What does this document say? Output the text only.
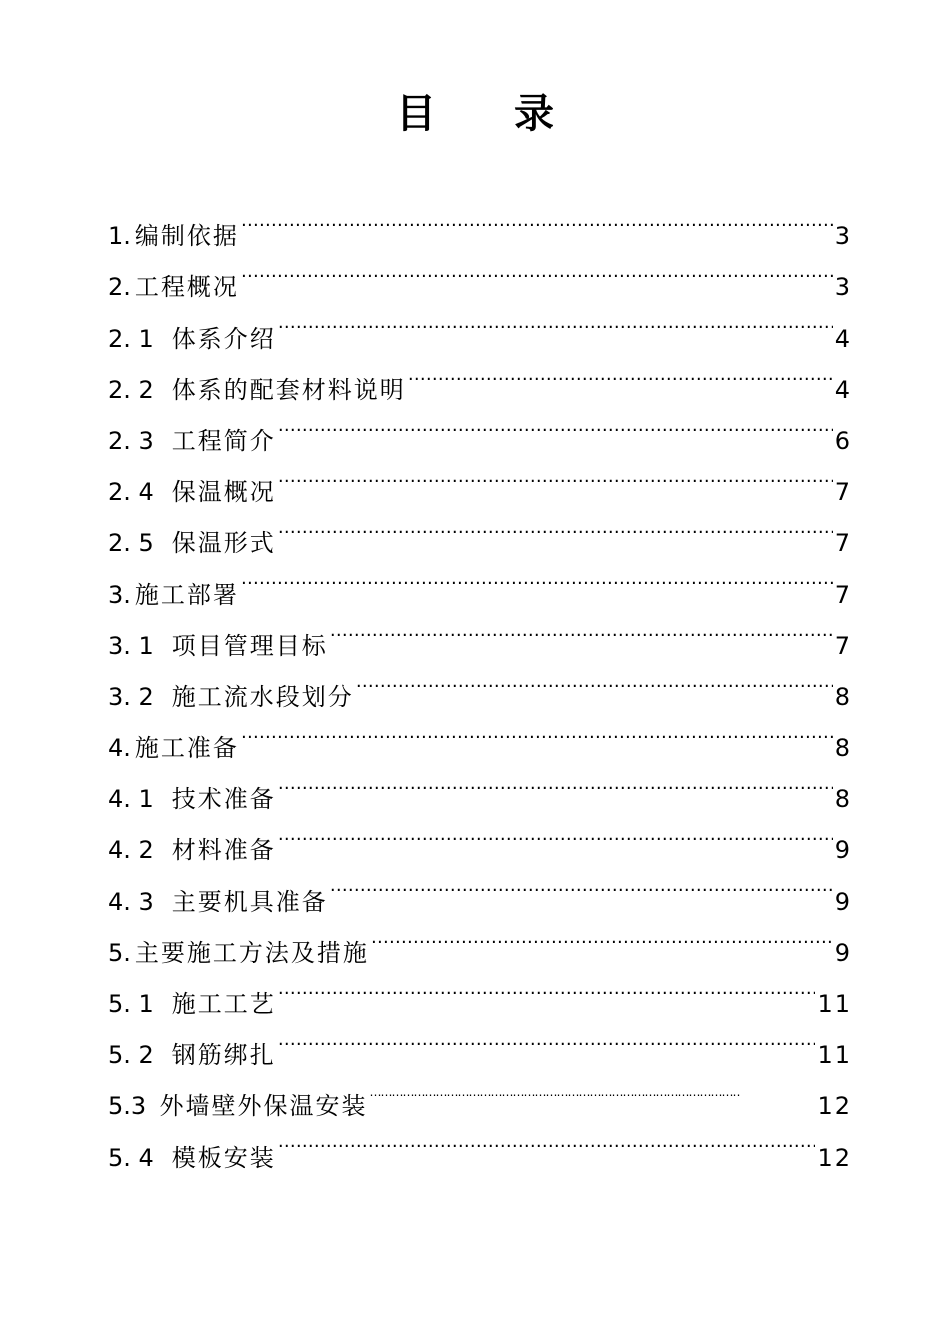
目 录
1. 编制依据 ……………………………………………………………………………………………………………………………………………	3
2. 工程概况 ……………………………………………………………………………………………………………………………………………	3
2. 1 体系介绍 ……………………………………………………………………………………………………………………………………………	4
2. 2 体系的配套材料说明 ……………………………………………………………………………………………………………………………………………	4
2. 3 工程简介 ……………………………………………………………………………………………………………………………………………	6
2. 4 保温概况 ……………………………………………………………………………………………………………………………………………	7
2. 5 保温形式 ……………………………………………………………………………………………………………………………………………	7
3. 施工部署 ……………………………………………………………………………………………………………………………………………	7
3. 1 项目管理目标 ……………………………………………………………………………………………………………………………………………	7
3. 2 施工流水段划分 ……………………………………………………………………………………………………………………………………………	8
4. 施工准备 ……………………………………………………………………………………………………………………………………………	8
4. 1 技术准备 ……………………………………………………………………………………………………………………………………………	8
4. 2 材料准备 ……………………………………………………………………………………………………………………………………………	9
4. 3 主要机具准备 ……………………………………………………………………………………………………………………………………………	9
5. 主要施工方法及措施 ……………………………………………………………………………………………………………………………………………	9
5. 1 施工工艺 ……………………………………………………………………………………………………………………………………………	11
5. 2 钢筋绑扎 ……………………………………………………………………………………………………………………………………………	11
5.3 外墙壁外保温安装 ……………………………………………………………………………………………………………	12
5. 4 模板安装 ……………………………………………………………………………………………………………………………………………	12
